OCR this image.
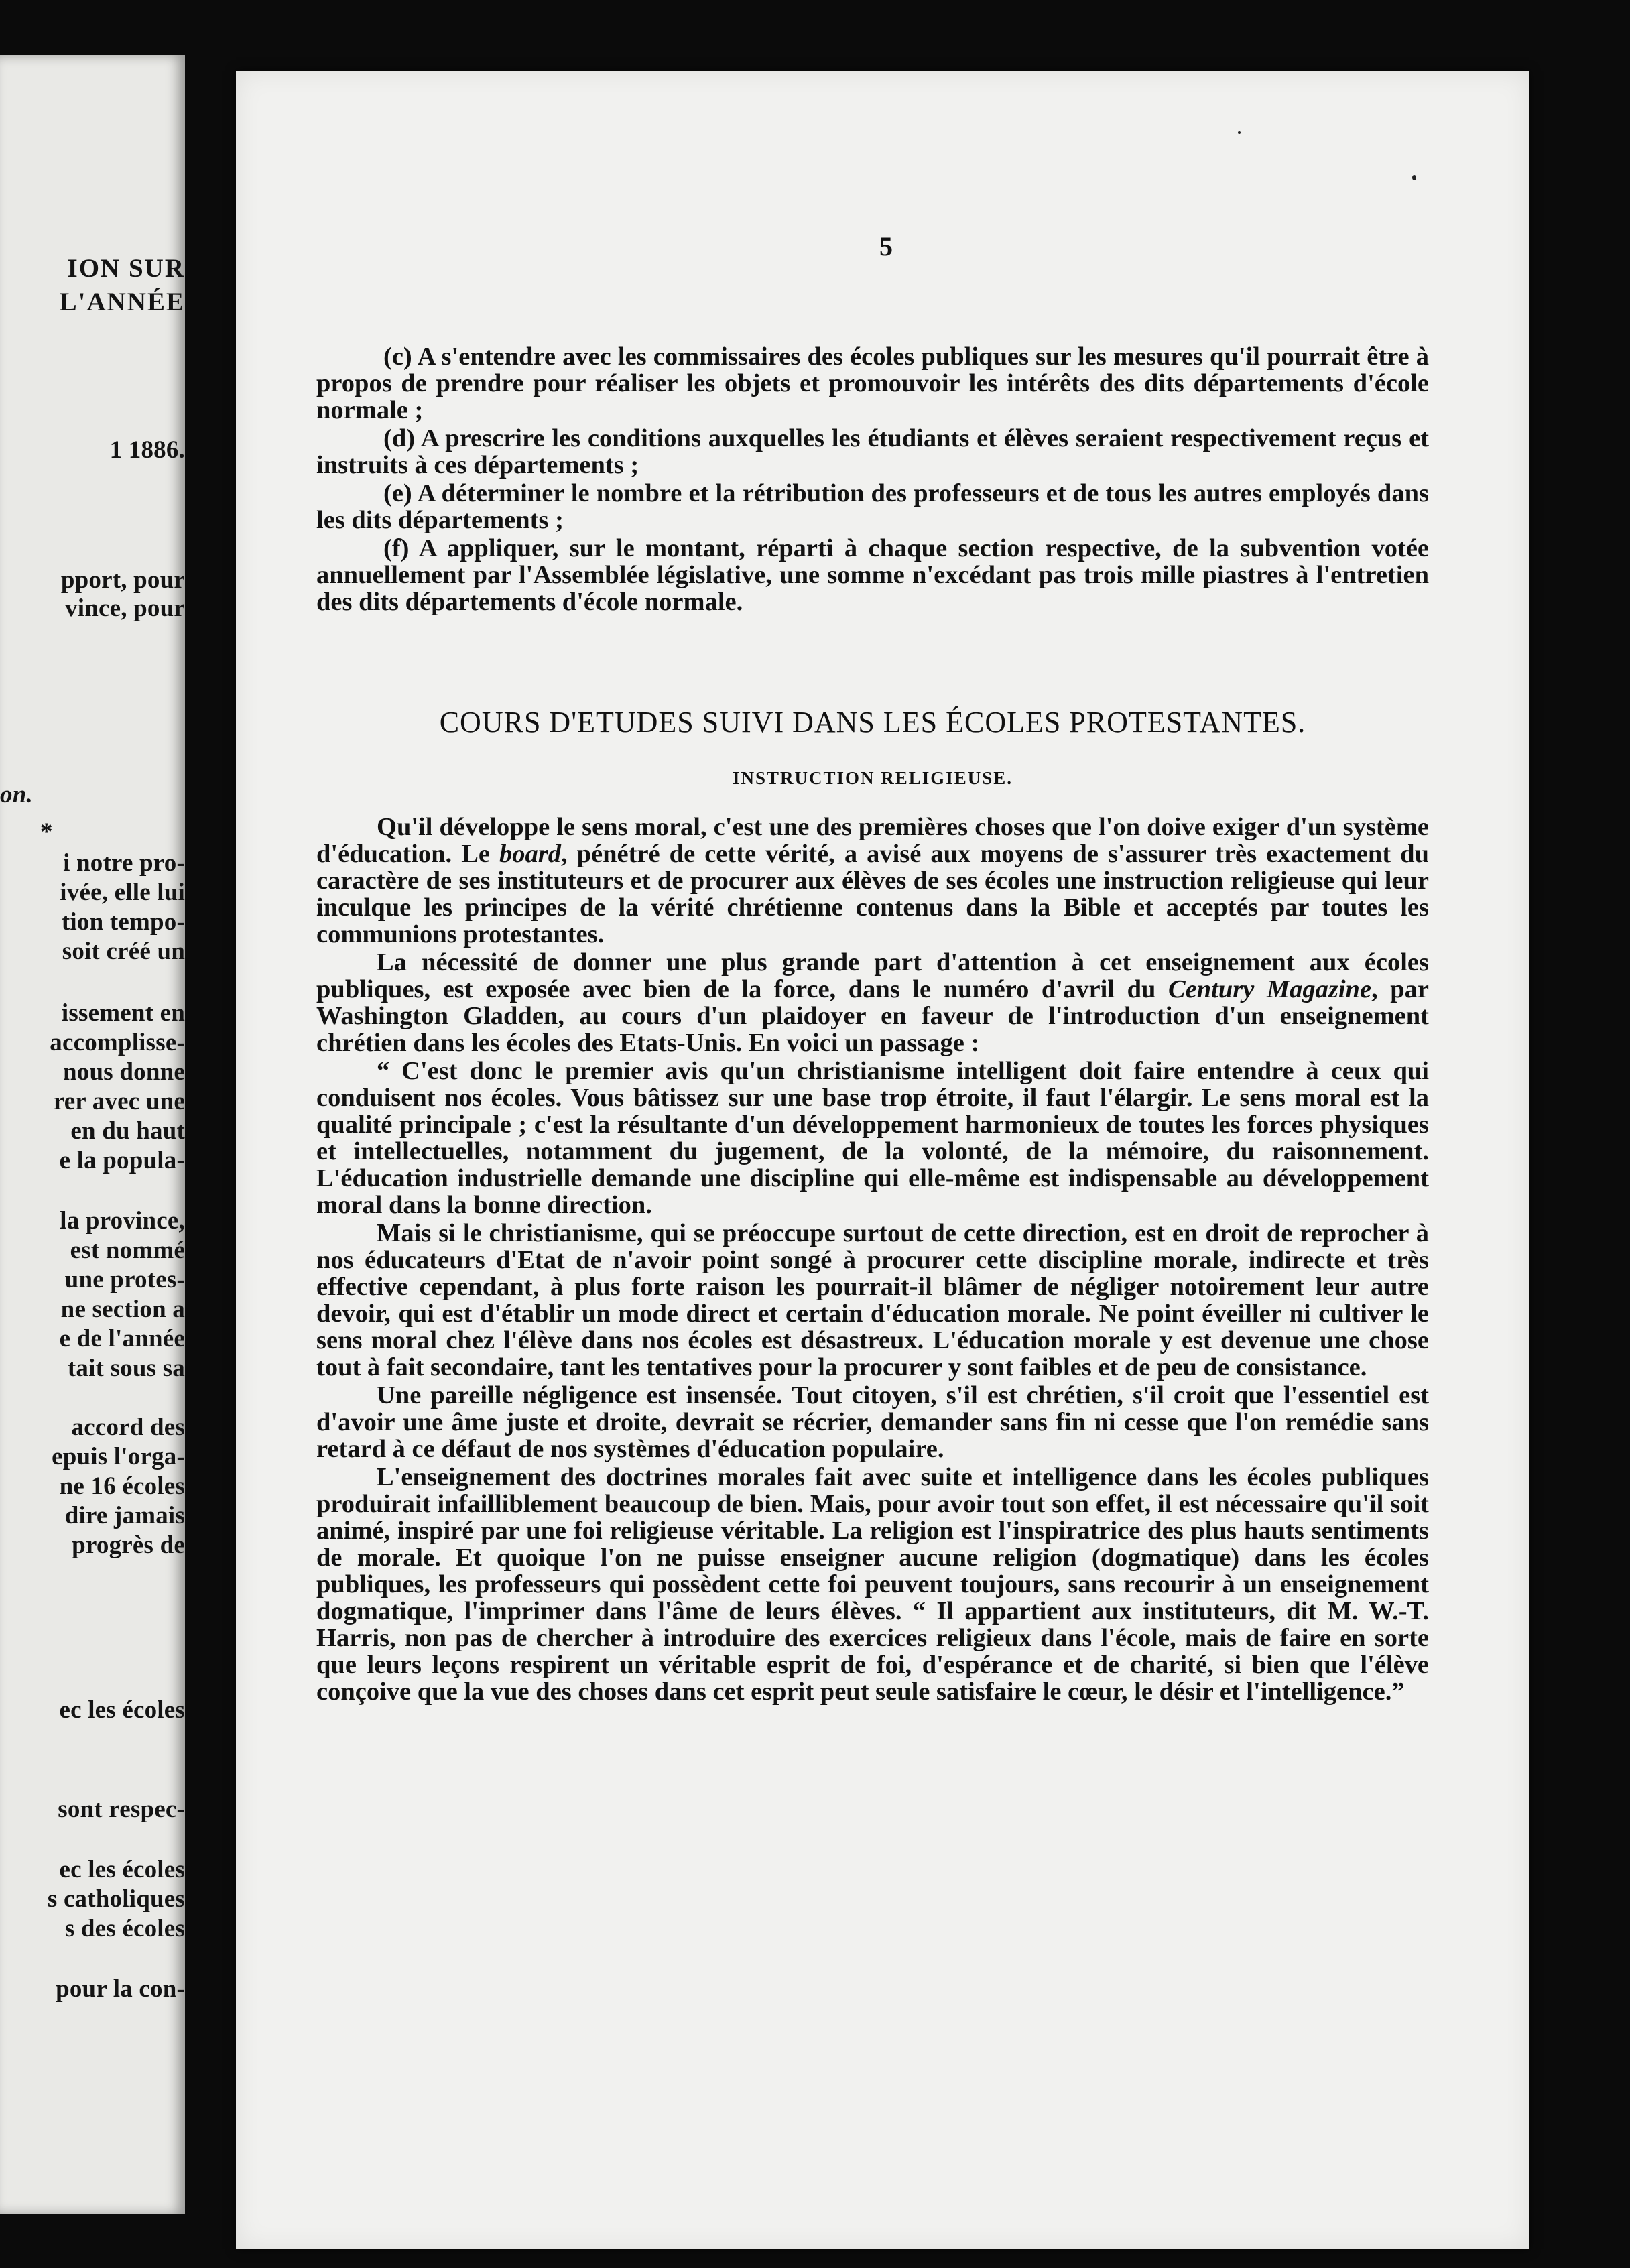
ION SUR
L'ANNÉE
1 1886.
pport, pour
vince, pour
on.
*
i notre pro-
ivée, elle lui
tion tempo-
soit créé un
issement en
accomplisse-
nous donne
rer avec une
en du haut
e la popula-
la province,
est nommé
une protes-
ne section a
e de l'année
tait sous sa
accord des
epuis l'orga-
ne 16 écoles
dire jamais
progrès de
ec les écoles
sont respec-
ec les écoles
s catholiques
s des écoles
pour la con-
5

(c) A s'entendre avec les commissaires des écoles publiques sur les mesures qu'il pourrait être à propos de prendre pour réaliser les objets et promouvoir les intérêts des dits départements d'école normale ;

(d) A prescrire les conditions auxquelles les étudiants et élèves seraient respectivement reçus et instruits à ces départements ;

(e) A déterminer le nombre et la rétribution des professeurs et de tous les autres employés dans les dits départements ;

(f) A appliquer, sur le montant, réparti à chaque section respective, de la subvention votée annuellement par l'Assemblée législative, une somme n'excédant pas trois mille piastres à l'entretien des dits départements d'école normale.

COURS D'ETUDES SUIVI DANS LES ÉCOLES PROTESTANTES.
INSTRUCTION RELIGIEUSE.

Qu'il développe le sens moral, c'est une des premières choses que l'on doive exiger d'un système d'éducation. Le board, pénétré de cette vérité, a avisé aux moyens de s'assurer très exactement du caractère de ses instituteurs et de procurer aux élèves de ses écoles une instruction religieuse qui leur inculque les principes de la vérité chrétienne contenus dans la Bible et acceptés par toutes les communions protestantes.

La nécessité de donner une plus grande part d'attention à cet enseignement aux écoles publiques, est exposée avec bien de la force, dans le numéro d'avril du Century Magazine, par Washington Gladden, au cours d'un plaidoyer en faveur de l'introduction d'un enseignement chrétien dans les écoles des Etats-Unis. En voici un passage :

“ C'est donc le premier avis qu'un christianisme intelligent doit faire entendre à ceux qui conduisent nos écoles. Vous bâtissez sur une base trop étroite, il faut l'élargir. Le sens moral est la qualité principale ; c'est la résultante d'un développement harmonieux de toutes les forces physiques et intellectuelles, notamment du jugement, de la volonté, de la mémoire, du raisonnement. L'éducation industrielle demande une discipline qui elle-même est indispensable au développement moral dans la bonne direction.

Mais si le christianisme, qui se préoccupe surtout de cette direction, est en droit de reprocher à nos éducateurs d'Etat de n'avoir point songé à procurer cette discipline morale, indirecte et très effective cependant, à plus forte raison les pourrait-il blâmer de négliger notoirement leur autre devoir, qui est d'établir un mode direct et certain d'éducation morale. Ne point éveiller ni cultiver le sens moral chez l'élève dans nos écoles est désastreux. L'éducation morale y est devenue une chose tout à fait secondaire, tant les tentatives pour la procurer y sont faibles et de peu de consistance.

Une pareille négligence est insensée. Tout citoyen, s'il est chrétien, s'il croit que l'essentiel est d'avoir une âme juste et droite, devrait se récrier, demander sans fin ni cesse que l'on remédie sans retard à ce défaut de nos systèmes d'éducation populaire.

L'enseignement des doctrines morales fait avec suite et intelligence dans les écoles publiques produirait infailliblement beaucoup de bien. Mais, pour avoir tout son effet, il est nécessaire qu'il soit animé, inspiré par une foi religieuse véritable. La religion est l'inspiratrice des plus hauts sentiments de morale. Et quoique l'on ne puisse enseigner aucune religion (dogmatique) dans les écoles publiques, les professeurs qui possèdent cette foi peuvent toujours, sans recourir à un enseignement dogmatique, l'imprimer dans l'âme de leurs élèves. “ Il appartient aux instituteurs, dit M. W.-T. Harris, non pas de chercher à introduire des exercices religieux dans l'école, mais de faire en sorte que leurs leçons respirent un véritable esprit de foi, d'espérance et de charité, si bien que l'élève conçoive que la vue des choses dans cet esprit peut seule satisfaire le cœur, le désir et l'intelligence.”
